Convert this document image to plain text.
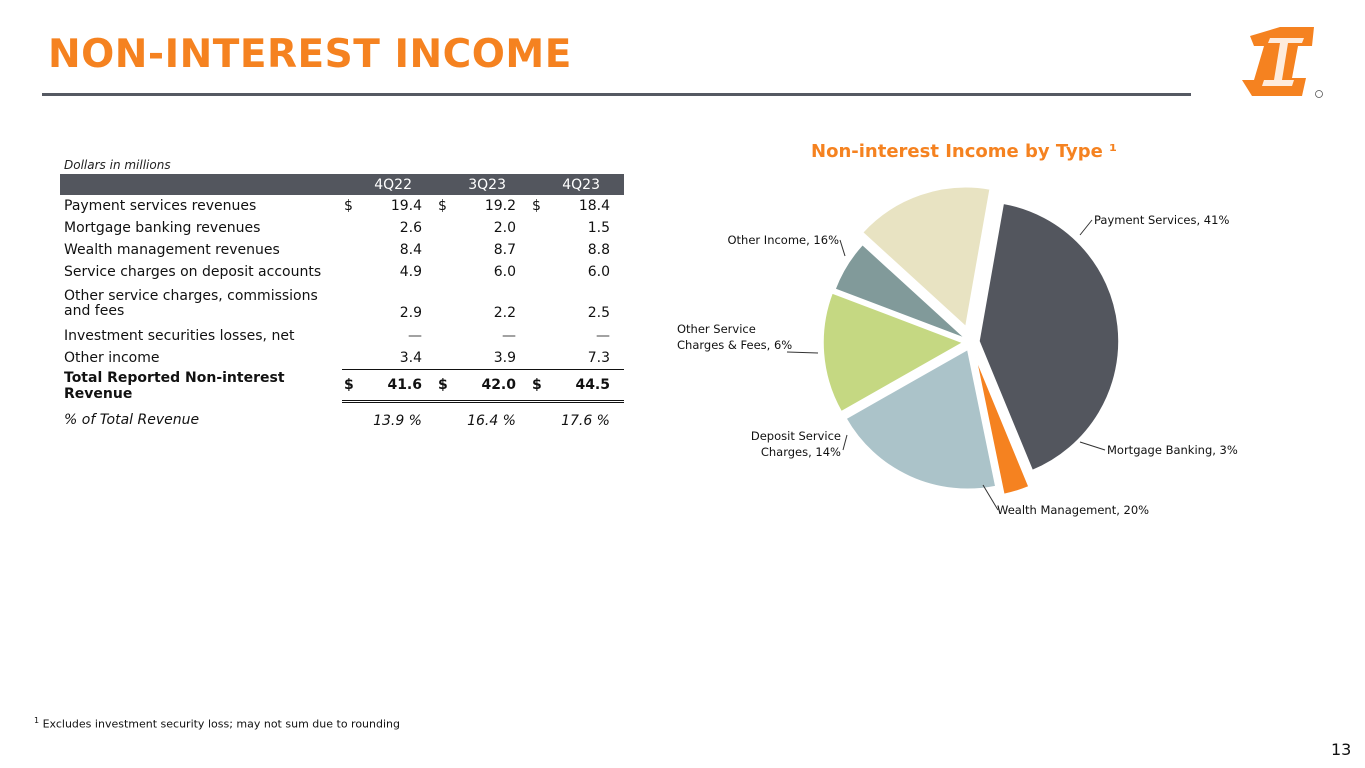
NON-INTEREST INCOME
Dollars in millions
	4Q22		3Q23		4Q23	
Payment services revenues	$	19.4	$	19.2	$	18.4
Mortgage banking revenues		2.6		2.0		1.5
Wealth management revenues		8.4		8.7		8.8
Service charges on deposit accounts		4.9		6.0		6.0
Other service charges, commissions and fees		2.9		2.2		2.5
Investment securities losses, net		—		—		—
Other income		3.4		3.9		7.3
Total Reported Non-interest Revenue	$	41.6	$	42.0	$	44.5
% of Total Revenue	13.9 %		16.4 %		17.6 %	
Non-interest Income by Type ¹
Payment Services, 41%
Mortgage Banking, 3%
Wealth Management, 20%
Deposit Service
Charges, 14%
Other Service
Charges & Fees, 6%
Other Income, 16%
$^1$ Excludes investment security loss; may not sum due to rounding
13
